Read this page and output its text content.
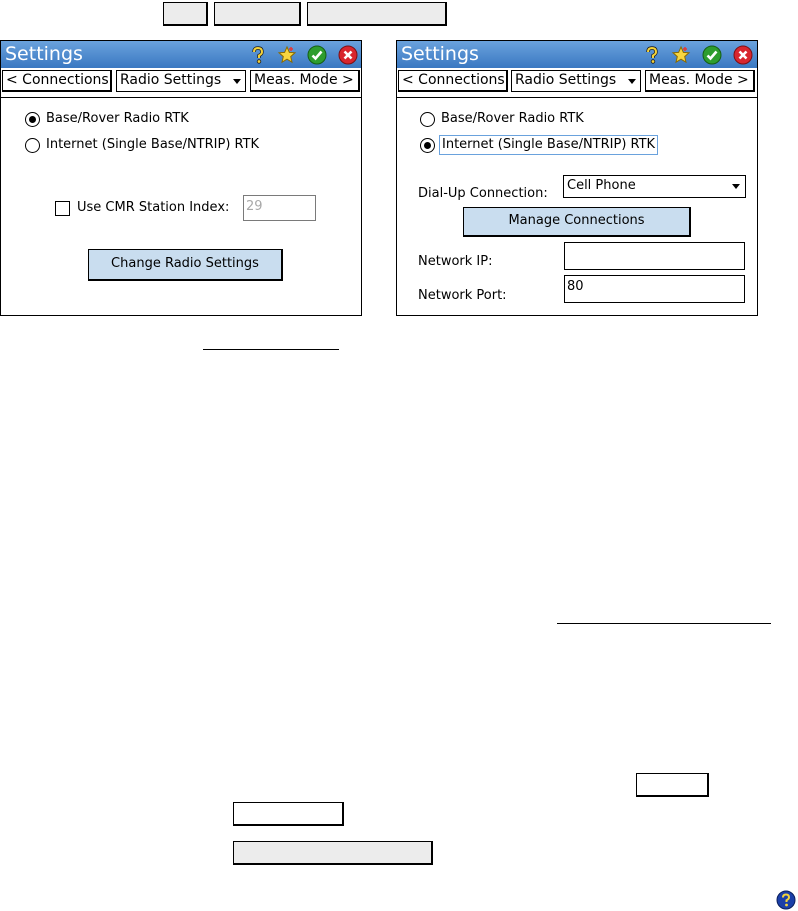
Settings
< Connections Radio Settings	Meas. Mode >
Base/Rover Radio RTK
Internet (Single Base/NTRIP) RTK
Use CMR Station Index: 29
Change Radio Settings
Settings
< Connections Radio Settings	Meas. Mode >
Base/Rover Radio RTK
Internet (Single Base/NTRIP) RTK
Dial-Up Connection:
Cell Phone
Manage Connections
Network IP:
Network Port:
80
